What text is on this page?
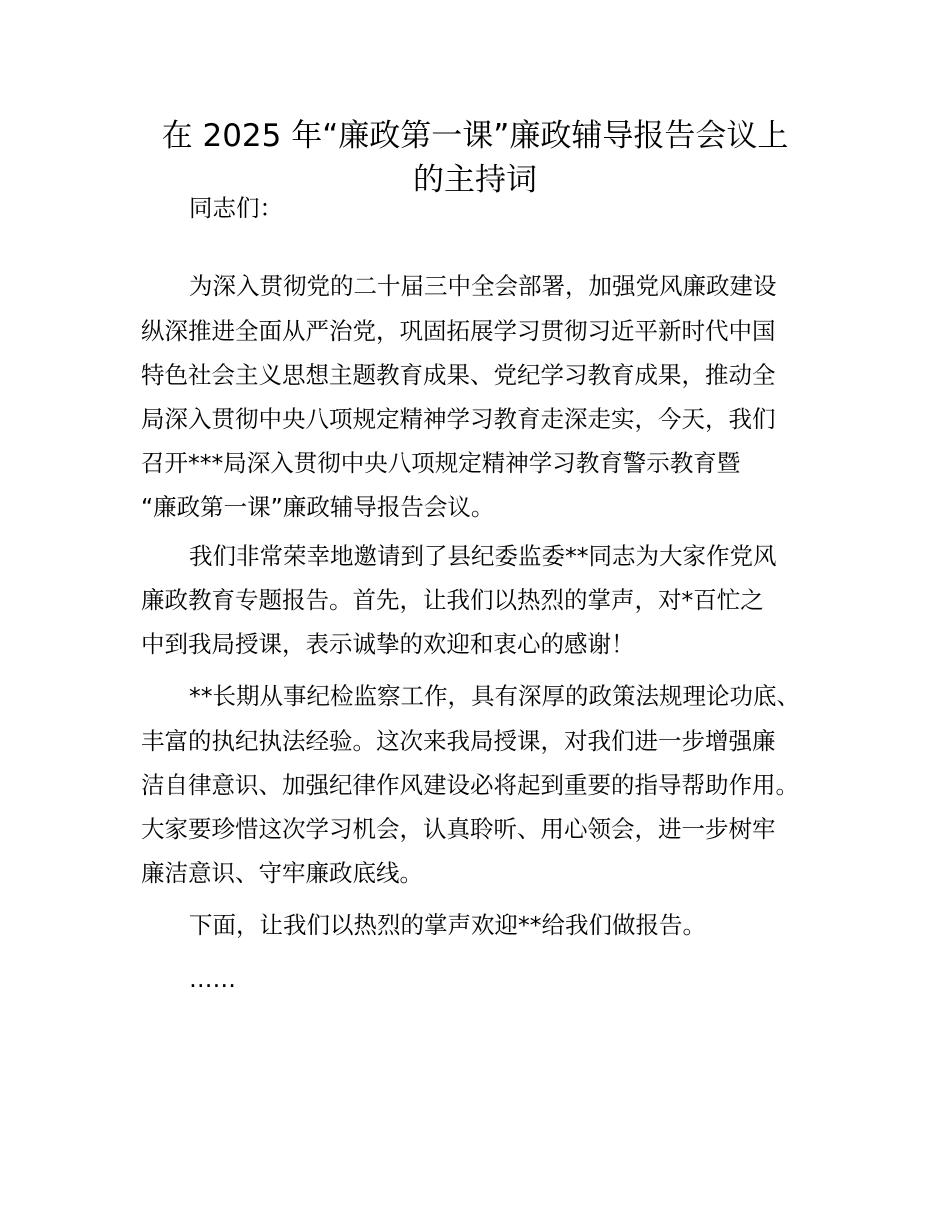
在 2025 年“廉政第一课”廉政辅导报告会议上
的主持词

同志们：

为深入贯彻党的二十届三中全会部署，加强党风廉政建设

纵深推进全面从严治党，巩固拓展学习贯彻习近平新时代中国

特色社会主义思想主题教育成果、党纪学习教育成果，推动全

局深入贯彻中央八项规定精神学习教育走深走实，今天，我们

召开***局深入贯彻中央八项规定精神学习教育警示教育暨

“廉政第一课”廉政辅导报告会议。

我们非常荣幸地邀请到了县纪委监委**同志为大家作党风

廉政教育专题报告。首先，让我们以热烈的掌声，对*百忙之

中到我局授课，表示诚挚的欢迎和衷心的感谢！

**长期从事纪检监察工作，具有深厚的政策法规理论功底、

丰富的执纪执法经验。这次来我局授课，对我们进一步增强廉

洁自律意识、加强纪律作风建设必将起到重要的指导帮助作用。

大家要珍惜这次学习机会，认真聆听、用心领会，进一步树牢

廉洁意识、守牢廉政底线。

下面，让我们以热烈的掌声欢迎**给我们做报告。

……
